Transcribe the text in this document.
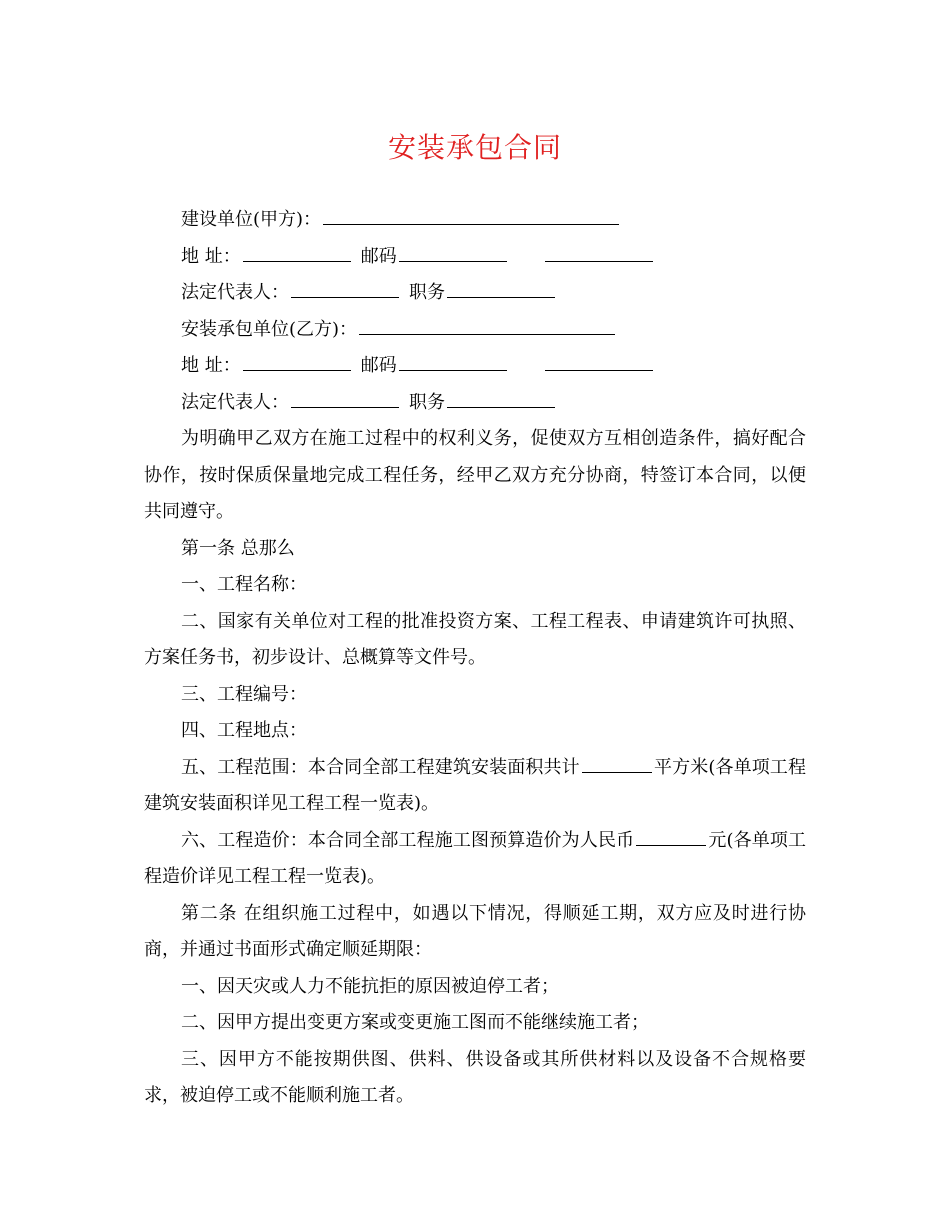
安装承包合同
建设单位(甲方)：
地 址：	邮码
法定代表人：	职务
安装承包单位(乙方)：
地 址：	邮码
法定代表人：	职务

为明确甲乙双方在施工过程中的权利义务，促使双方互相创造条件，搞好配合协作，按时保质保量地完成工程任务，经甲乙双方充分协商，特签订本合同，以便共同遵守。

第一条 总那么

一、工程名称：

二、国家有关单位对工程的批准投资方案、工程工程表、申请建筑许可执照、方案任务书，初步设计、总概算等文件号。

三、工程编号：

四、工程地点：

五、工程范围：本合同全部工程建筑安装面积共计	平方米(各单项工程建筑安装面积详见工程工程一览表)。

六、工程造价：本合同全部工程施工图预算造价为人民币	元(各单项工程造价详见工程工程一览表)。

第二条 在组织施工过程中，如遇以下情况，得顺延工期，双方应及时进行协商，并通过书面形式确定顺延期限：

一、因天灾或人力不能抗拒的原因被迫停工者；

二、因甲方提出变更方案或变更施工图而不能继续施工者；

三、因甲方不能按期供图、供料、供设备或其所供材料以及设备不合规格要求，被迫停工或不能顺利施工者。
